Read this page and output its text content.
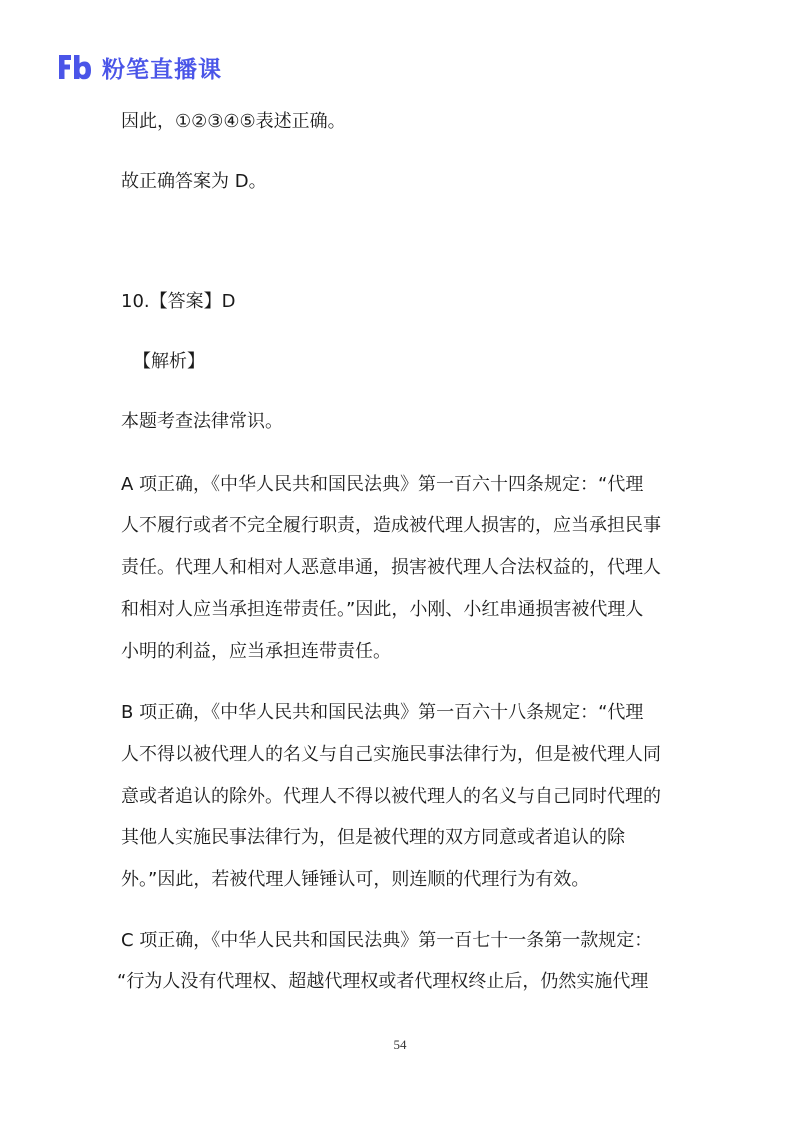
粉笔直播课
因此，①②③④⑤表述正确。
故正确答案为 D。
10.【答案】D
【解析】
本题考查法律常识。
A 项正确，《中华人民共和国民法典》第一百六十四条规定：“代理
人不履行或者不完全履行职责，造成被代理人损害的，应当承担民事
责任。代理人和相对人恶意串通，损害被代理人合法权益的，代理人
和相对人应当承担连带责任。”因此，小刚、小红串通损害被代理人
小明的利益，应当承担连带责任。
B 项正确，《中华人民共和国民法典》第一百六十八条规定：“代理
人不得以被代理人的名义与自己实施民事法律行为，但是被代理人同
意或者追认的除外。代理人不得以被代理人的名义与自己同时代理的
其他人实施民事法律行为，但是被代理的双方同意或者追认的除
外。”因此，若被代理人锤锤认可，则连顺的代理行为有效。
C 项正确，《中华人民共和国民法典》第一百七十一条第一款规定：
“行为人没有代理权、超越代理权或者代理权终止后，仍然实施代理
54
